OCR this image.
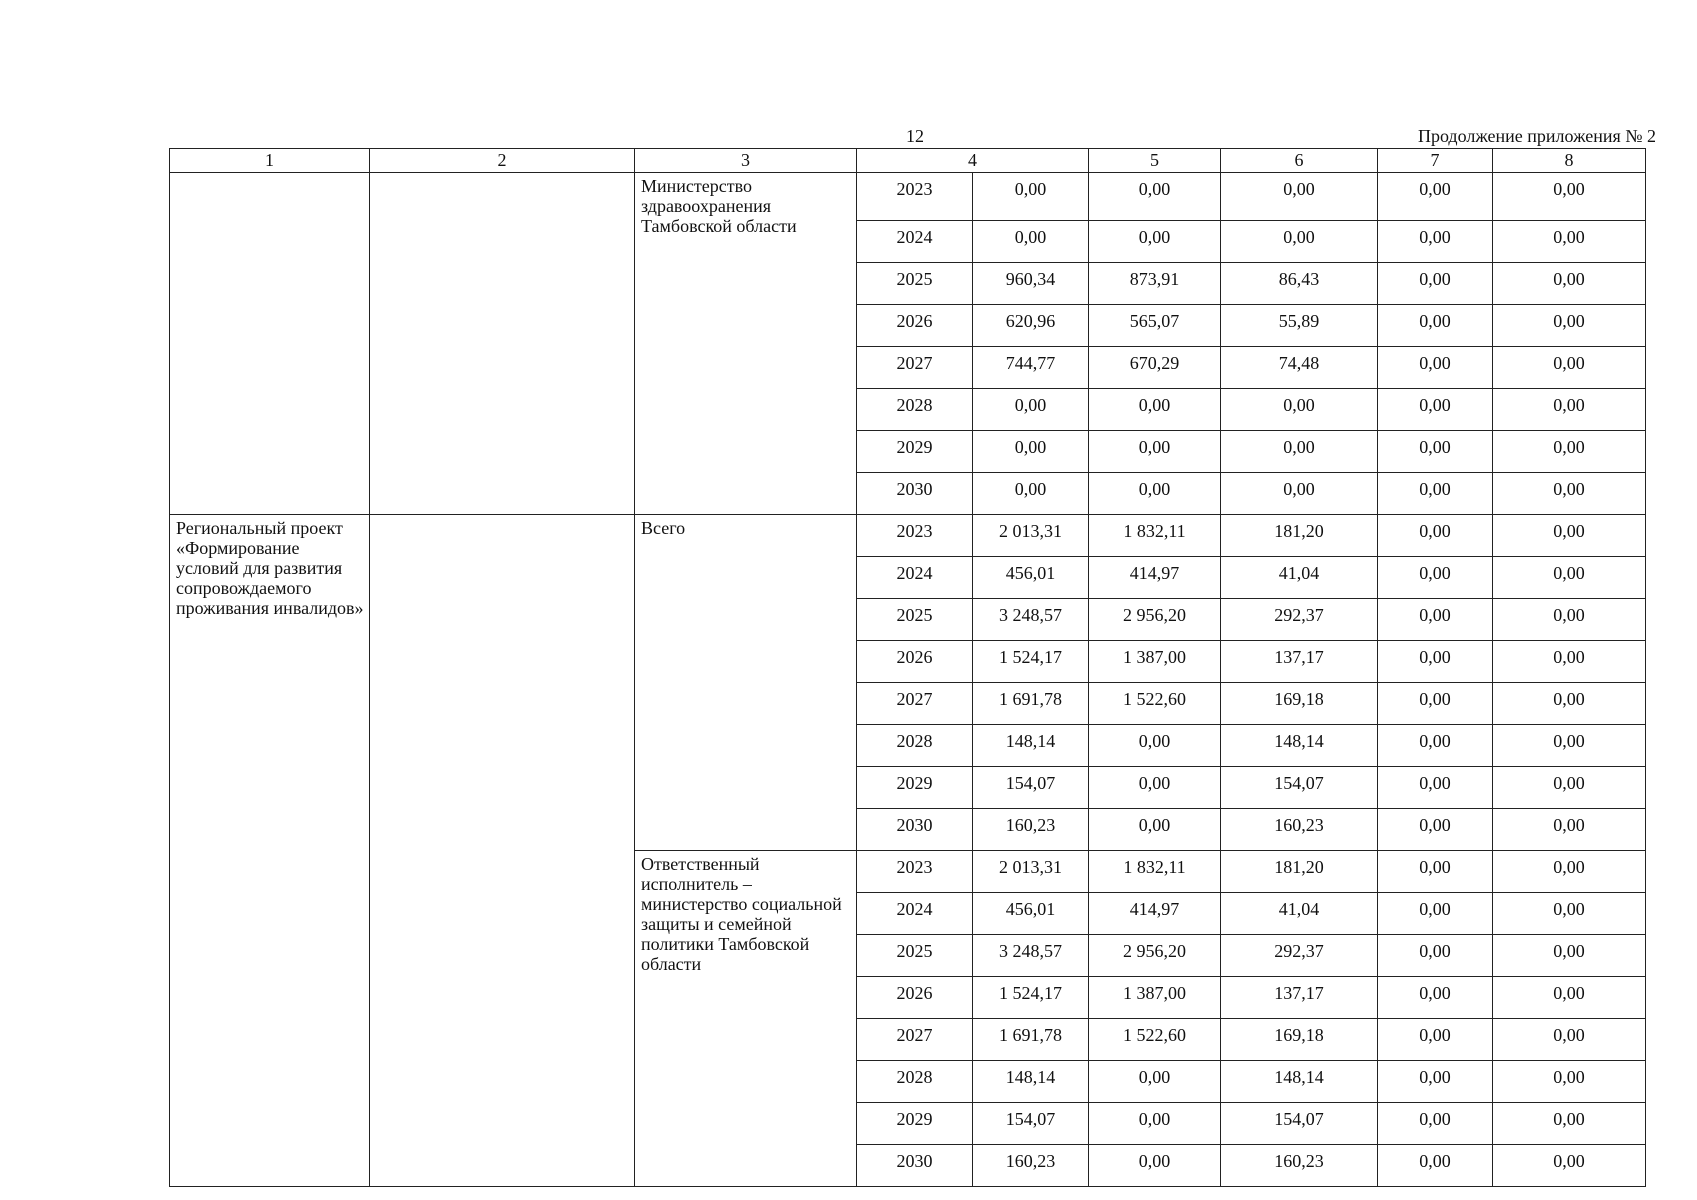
12	Продолжение приложения № 2
1	2	3	4		5	6	7	8
		Министерство здравоохранения Тамбовской области	2023	0,00	0,00	0,00	0,00	0,00
			2024	0,00	0,00	0,00	0,00	0,00
			2025	960,34	873,91	86,43	0,00	0,00
			2026	620,96	565,07	55,89	0,00	0,00
			2027	744,77	670,29	74,48	0,00	0,00
			2028	0,00	0,00	0,00	0,00	0,00
			2029	0,00	0,00	0,00	0,00	0,00
			2030	0,00	0,00	0,00	0,00	0,00
Региональный проект «Формирование условий для развития сопровождаемого проживания инвалидов»		Всего	2023	2 013,31	1 832,11	181,20	0,00	0,00
			2024	456,01	414,97	41,04	0,00	0,00
			2025	3 248,57	2 956,20	292,37	0,00	0,00
			2026	1 524,17	1 387,00	137,17	0,00	0,00
			2027	1 691,78	1 522,60	169,18	0,00	0,00
			2028	148,14	0,00	148,14	0,00	0,00
			2029	154,07	0,00	154,07	0,00	0,00
			2030	160,23	0,00	160,23	0,00	0,00
		Ответственный исполнитель – министерство социальной защиты и семейной политики Тамбовской области	2023	2 013,31	1 832,11	181,20	0,00	0,00
			2024	456,01	414,97	41,04	0,00	0,00
			2025	3 248,57	2 956,20	292,37	0,00	0,00
			2026	1 524,17	1 387,00	137,17	0,00	0,00
			2027	1 691,78	1 522,60	169,18	0,00	0,00
			2028	148,14	0,00	148,14	0,00	0,00
			2029	154,07	0,00	154,07	0,00	0,00
			2030	160,23	0,00	160,23	0,00	0,00
